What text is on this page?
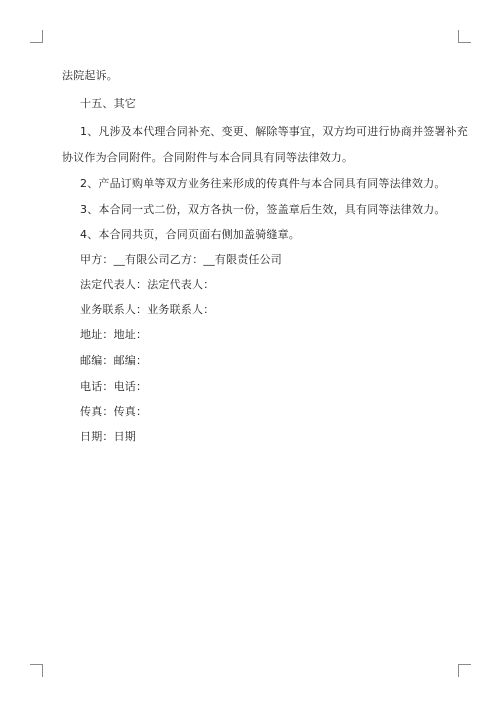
法院起诉。
十五、其它
1、凡涉及本代理合同补充、变更、解除等事宜，双方均可进行协商并签署补充
协议作为合同附件。合同附件与本合同具有同等法律效力。
2、产品订购单等双方业务往来形成的传真件与本合同具有同等法律效力。
3、本合同一式二份，双方各执一份，签盖章后生效，具有同等法律效力。
4、本合同共页，合同页面右侧加盖骑缝章。
甲方：__有限公司乙方：__有限责任公司
法定代表人：法定代表人：
业务联系人：业务联系人：
地址：地址：
邮编：邮编：
电话：电话：
传真：传真：
日期：日期
